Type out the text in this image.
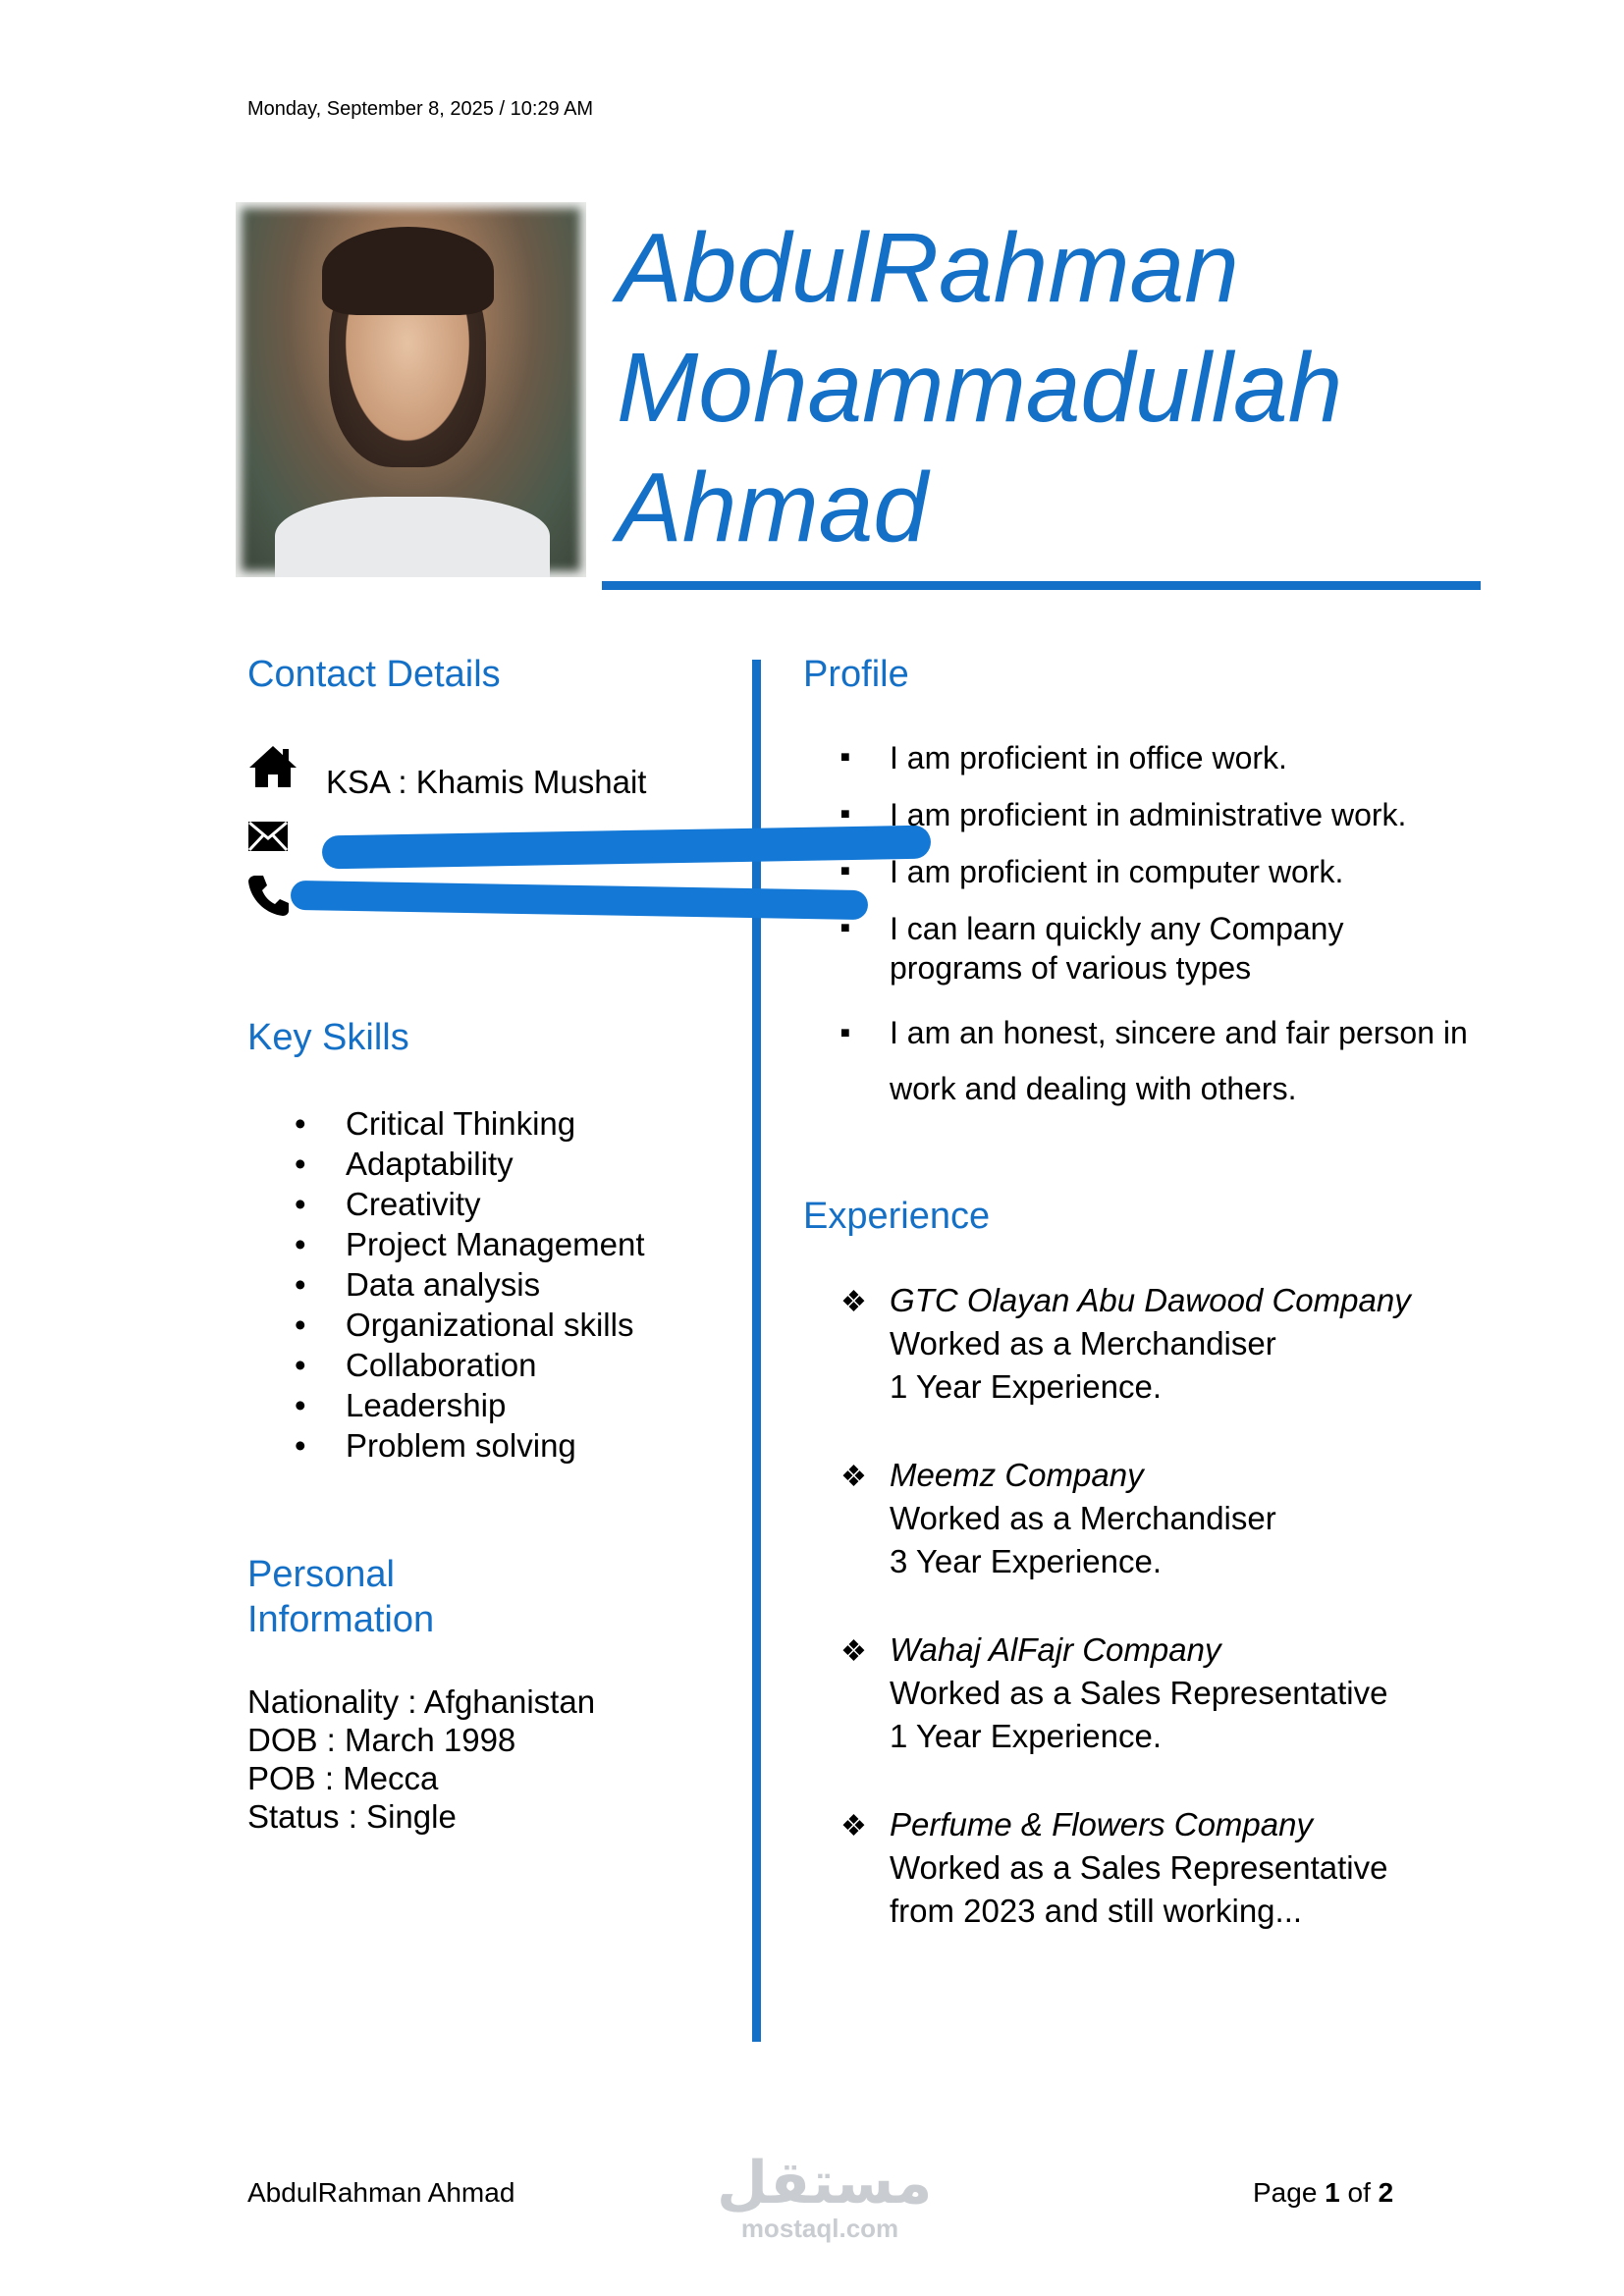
Monday, September 8, 2025 / 10:29 AM
AbdulRahman
Mohammadullah
Ahmad
Contact Details
KSA : Khamis Mushait
Key Skills
• Critical Thinking
• Adaptability
• Creativity
• Project Management
• Data analysis
• Organizational skills
• Collaboration
• Leadership
• Problem solving
Personal Information
Nationality : Afghanistan
DOB : March 1998
POB : Mecca
Status : Single
Profile
■ I am proficient in office work.
■ I am proficient in administrative work.
■ I am proficient in computer work.
■ I can learn quickly any Company programs of various types
■ I am an honest, sincere and fair person in work and dealing with others.
Experience
❖ GTC Olayan Abu Dawood Company
Worked as a Merchandiser
1 Year Experience.
❖ Meemz Company
Worked as a Merchandiser
3 Year Experience.
❖ Wahaj AlFajr Company
Worked as a Sales Representative
1 Year Experience.
❖ Perfume & Flowers Company
Worked as a Sales Representative
from 2023 and still working...
AbdulRahman Ahmad	مستقل
mostaql.com
Page 1 of 2
